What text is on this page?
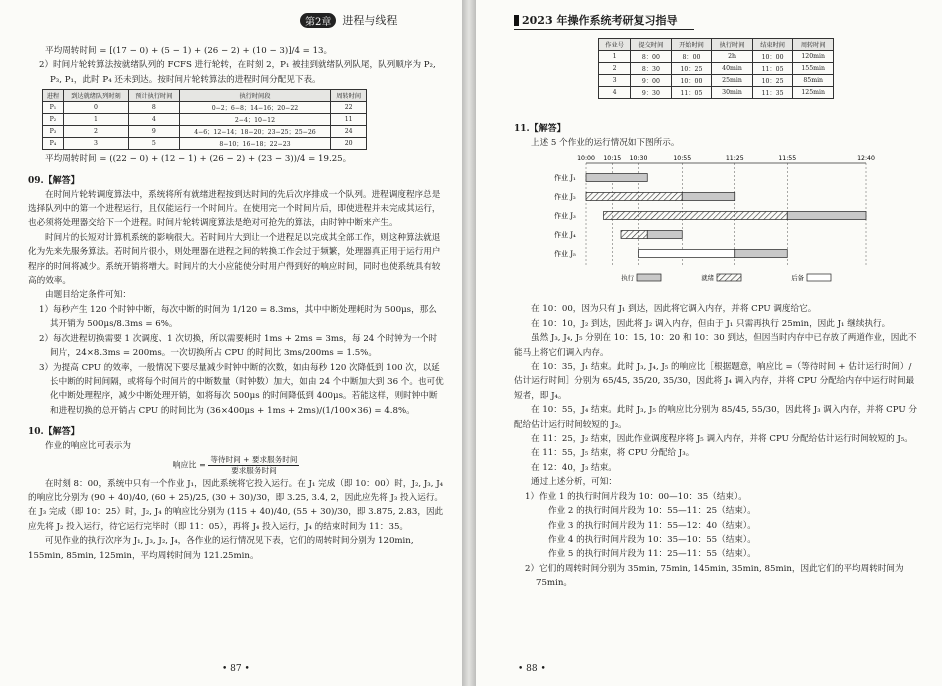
第2章	进程与线程

平均周转时间 = [(17 − 0) + (5 − 1) + (26 − 2) + (10 − 3)]/4 = 13。

2）时间片轮转算法按就绪队列的 FCFS 进行轮转，在时刻 2，P₁ 被挂到就绪队列队尾，队列顺序为 P₂, P₃, P₁，此时 P₄ 还未到达。按时间片轮转算法的进程时间分配见下表。

进程	到达就绪队列时刻	预计执行时间	执行时间段	周转时间
P₁	0	8	0−2；6−8；14−16；20−22	22
P₂	1	4	2−4；10−12	11
P₃	2	9	4−6；12−14；18−20；23−25；25−26	24
P₄	3	5	8−10；16−18；22−23	20

平均周转时间 = ((22 − 0) + (12 − 1) + (26 − 2) + (23 − 3))/4 = 19.25。

09.【解答】

在时间片轮转调度算法中，系统将所有就绪进程按到达时间的先后次序排成一个队列。进程调度程序总是选择队列中的第一个进程运行，且仅能运行一个时间片。在使用完一个时间片后，即使进程并未完成其运行，也必须将处理器交给下一个进程。时间片轮转调度算法是绝对可抢先的算法，由时钟中断来产生。

时间片的长短对计算机系统的影响很大。若时间片大到让一个进程足以完成其全部工作，则这种算法就退化为先来先服务算法。若时间片很小，则处理器在进程之间的转换工作会过于频繁，处理器真正用于运行用户程序的时间将减少。系统开销将增大。时间片的大小应能使分时用户得到好的响应时间，同时也使系统具有较高的效率。

由题目给定条件可知：

1）每秒产生 120 个时钟中断，每次中断的时间为 1/120 = 8.3ms，其中中断处理耗时为 500μs，那么其开销为 500μs/8.3ms = 6%。

2）每次进程切换需要 1 次调度、1 次切换，所以需要耗时 1ms + 2ms = 3ms，每 24 个时钟为一个时间片，24×8.3ms = 200ms。一次切换所占 CPU 的时间比 3ms/200ms = 1.5%。

3）为提高 CPU 的效率，一般情况下要尽量减少时钟中断的次数，如由每秒 120 次降低到 100 次，以延长中断的时间间隔，或将每个时间片的中断数量（时钟数）加大，如由 24 个中断加大到 36 个。也可优化中断处理程序，减少中断处理开销，如将每次 500μs 的时间降低到 400μs。若能这样，则时钟中断和进程切换的总开销占 CPU 的时间比为 (36×400μs + 1ms + 2ms)/(1/100×36) = 4.8%。

10.【解答】

作业的响应比可表示为

响应比 = $\frac{\text{等待时间 + 要求服务时间}}{\text{要求服务时间}}$

在时刻 8：00，系统中只有一个作业 J₁，因此系统将它投入运行。在 J₁ 完成（即 10：00）时，J₂, J₃, J₄ 的响应比分别为 (90 + 40)/40, (60 + 25)/25, (30 + 30)/30，即 3.25, 3.4, 2，因此应先将 J₃ 投入运行。在 J₃ 完成（即 10：25）时，J₂, J₄ 的响应比分别为 (115 + 40)/40, (55 + 30)/30，即 3.875, 2.83，因此应先将 J₂ 投入运行，待它运行完毕时（即 11：05），再将 J₄ 投入运行，J₄ 的结束时间为 11：35。

可见作业的执行次序为 J₁, J₃, J₂, J₄，各作业的运行情况见下表，它们的周转时间分别为 120min, 155min, 85min, 125min，平均周转时间为 121.25min。

• 87 •
2023 年操作系统考研复习指导
作业号	提交时间	开始时间	执行时间	结束时间	周转时间
1	8：00	8：00	2h	10：00	120min
2	8：30	10：25	40min	11：05	155min
3	9：00	10：00	25min	10：25	85min
4	9：30	11：05	30min	11：35	125min
11.【解答】

上述 5 个作业的运行情况如下图所示。

10:00 10:15 10:30	10:55	11:25	11:55	12:40
作业 J₁
作业 J₂
作业 J₃
作业 J₄
作业 J₅
执行	就绪	后备

在 10：00，因为只有 J₁ 到达，因此将它调入内存，并将 CPU 调度给它。

在 10：10，J₂ 到达，因此将 J₂ 调入内存，但由于 J₁ 只需再执行 25min，因此 J₁ 继续执行。

虽然 J₃, J₄, J₅ 分别在 10：15, 10：20 和 10：30 到达，但因当时内存中已存放了两道作业，因此不能马上将它们调入内存。

在 10：35，J₁ 结束。此时 J₃, J₄, J₅ 的响应比［根据题意，响应比 =（等待时间 + 估计运行时间）/估计运行时间］分别为 65/45, 35/20, 35/30，因此将 J₄ 调入内存，并将 CPU 分配给内存中运行时间最短者，即 J₄。

在 10：55，J₄ 结束。此时 J₃, J₅ 的响应比分别为 85/45, 55/30，因此将 J₃ 调入内存，并将 CPU 分配给估计运行时间较短的 J₂。

在 11：25，J₂ 结束，因此作业调度程序将 J₅ 调入内存，并将 CPU 分配给估计运行时间较短的 J₅。

在 11：55，J₅ 结束，将 CPU 分配给 J₃。

在 12：40，J₃ 结束。

通过上述分析，可知：

1）作业 1 的执行时间片段为 10：00—10：35（结束）。

作业 2 的执行时间片段为 10：55—11：25（结束）。

作业 3 的执行时间片段为 11：55—12：40（结束）。

作业 4 的执行时间片段为 10：35—10：55（结束）。

作业 5 的执行时间片段为 11：25—11：55（结束）。

2）它们的周转时间分别为 35min, 75min, 145min, 35min, 85min，因此它们的平均周转时间为 75min。

• 88 •
